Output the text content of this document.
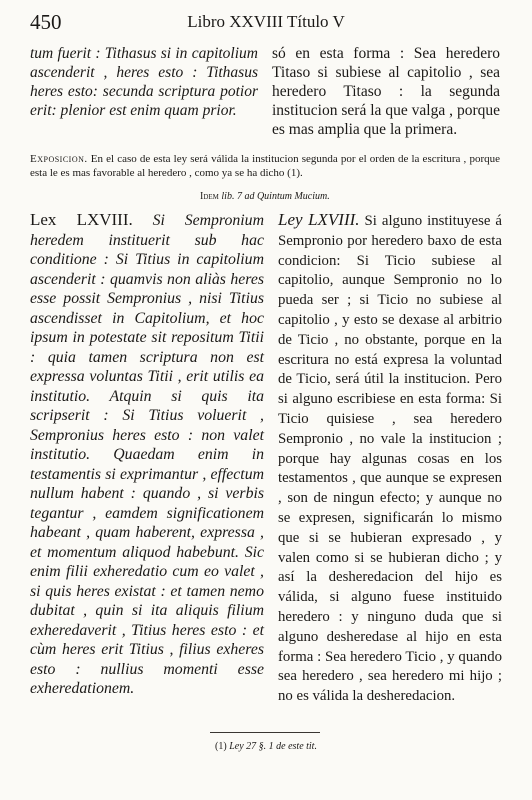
450	Libro XXVIII Título V
tum fuerit : Tithasus si in capitolium ascenderit , heres esto : Tithasus heres esto: secunda scriptura potior erit: plenior est enim quam prior.
só en esta forma : Sea heredero Titaso si subiese al capitolio , sea heredero Titaso : la segunda institucion será la que valga , porque es mas amplia que la primera.
Exposicion. En el caso de esta ley será válida la institucion segunda por el orden de la escritura , porque esta le es mas favorable al heredero , como ya se ha dicho (1).
Idem lib. 7 ad Quintum Mucium.
Lex LXVIII. Si Sempronium heredem instituerit sub hac conditione : Si Titius in capitolium ascenderit : quamvis non aliàs heres esse possit Sempronius , nisi Titius ascendisset in Capitolium, et hoc ipsum in potestate sit repositum Titii : quia tamen scriptura non est expressa voluntas Titii , erit utilis ea institutio. Atquin si quis ita scripserit : Si Titius voluerit , Sempronius heres esto : non valet institutio. Quaedam enim in testamentis si exprimantur , effectum nullum habent : quando , si verbis tegantur , eamdem significationem habeant , quam haberent, expressa , et momentum aliquod habebunt. Sic enim filii exheredatio cum eo valet , si quis heres existat : et tamen nemo dubitat , quin si ita aliquis filium exheredaverit , Titius heres esto : et cùm heres erit Titius , filius exheres esto : nullius momenti esse exheredationem.
Ley LXVIII. Si alguno instituyese á Sempronio por heredero baxo de esta condicion: Si Ticio subiese al capitolio, aunque Sempronio no lo pueda ser ; si Ticio no subiese al capitolio , y esto se dexase al arbitrio de Ticio , no obstante, porque en la escritura no está expresa la voluntad de Ticio, será útil la institucion. Pero si alguno escribiese en esta forma: Si Ticio quisiese , sea heredero Sempronio , no vale la institucion ; porque hay algunas cosas en los testamentos , que aunque se expresen , son de ningun efecto; y aunque no se expresen, significarán lo mismo que si se hubieran expresado , y valen como si se hubieran dicho ; y así la desheredacion del hijo es válida, si alguno fuese instituido heredero : y ninguno duda que si alguno desheredase al hijo en esta forma : Sea heredero Ticio , y quando sea heredero , sea heredero mi hijo ; no es válida la desheredacion.
(1) Ley 27 §. 1 de este tit.
